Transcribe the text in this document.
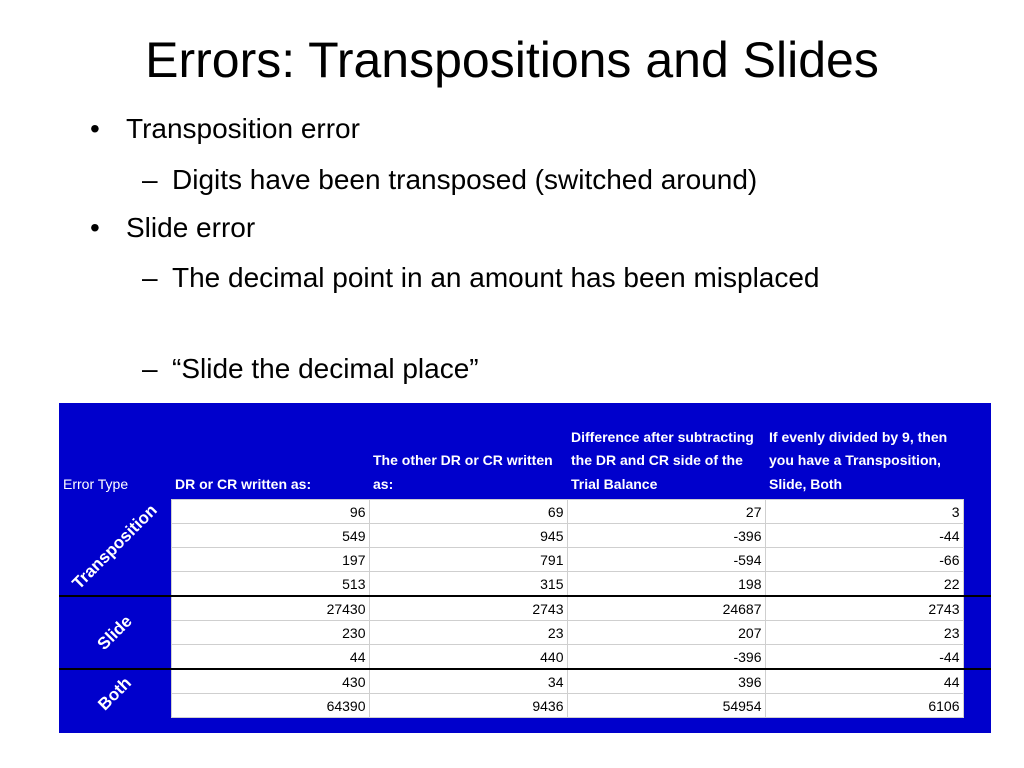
Errors: Transpositions and Slides
• Transposition error
– Digits have been transposed (switched around)
• Slide error
– The decimal point in an amount has been misplaced
– “Slide the decimal place”
Error Type	DR or CR written as:	The other DR or CR written as:	Difference after subtracting the DR and CR side of the Trial Balance	If evenly divided by 9, then you have a Transposition, Slide, Both	

Transposition	96	69	27	3	
	549	945	-396	-44	
	197	791	-594	-66	
	513	315	198	22	

Slide	27430	2743	24687	2743	
	230	23	207	23	
	44	440	-396	-44	

Both	430	34	396	44	
	64390	9436	54954	6106	
